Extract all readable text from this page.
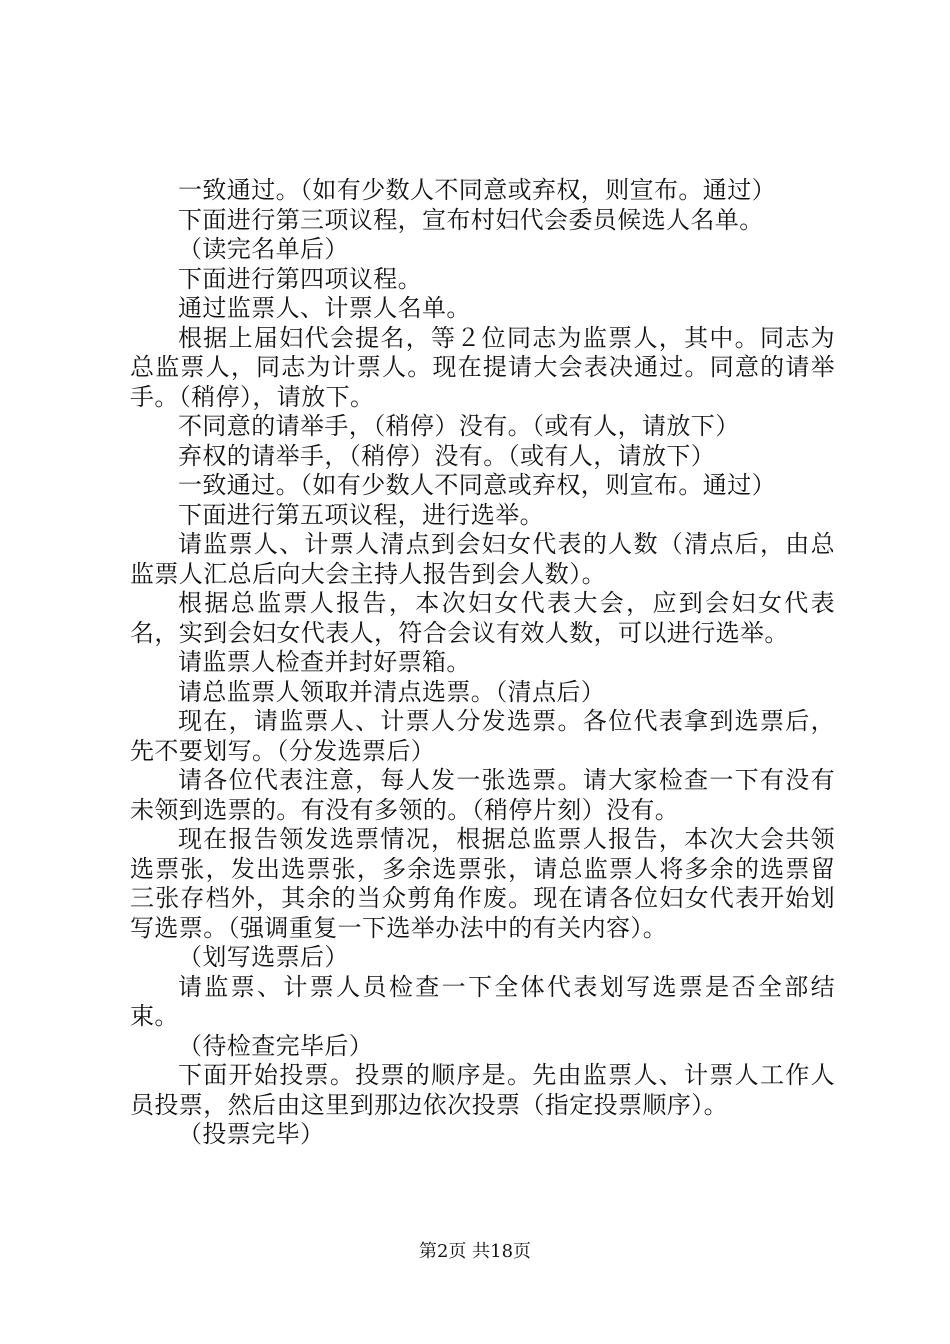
一致通过。（如有少数人不同意或弃权，则宣布。通过）

下面进行第三项议程，宣布村妇代会委员候选人名单。

（读完名单后）

下面进行第四项议程。

通过监票人、计票人名单。

根据上届妇代会提名，等２位同志为监票人，其中。同志为总监票人，同志为计票人。现在提请大会表决通过。同意的请举手。（稍停），请放下。

不同意的请举手，（稍停）没有。（或有人，请放下）

弃权的请举手，（稍停）没有。（或有人，请放下）

一致通过。（如有少数人不同意或弃权，则宣布。通过）

下面进行第五项议程，进行选举。

请监票人、计票人清点到会妇女代表的人数（清点后，由总监票人汇总后向大会主持人报告到会人数）。

根据总监票人报告，本次妇女代表大会，应到会妇女代表名，实到会妇女代表人，符合会议有效人数，可以进行选举。

请监票人检查并封好票箱。

请总监票人领取并清点选票。（清点后）

现在，请监票人、计票人分发选票。各位代表拿到选票后，先不要划写。（分发选票后）

请各位代表注意，每人发一张选票。请大家检查一下有没有未领到选票的。有没有多领的。（稍停片刻）没有。

现在报告领发选票情况，根据总监票人报告，本次大会共领选票张，发出选票张，多余选票张，请总监票人将多余的选票留三张存档外，其余的当众剪角作废。现在请各位妇女代表开始划写选票。（强调重复一下选举办法中的有关内容）。

（划写选票后）

请监票、计票人员检查一下全体代表划写选票是否全部结束。

（待检查完毕后）

下面开始投票。投票的顺序是。先由监票人、计票人工作人员投票，然后由这里到那边依次投票（指定投票顺序）。

（投票完毕）

第2页 共18页
